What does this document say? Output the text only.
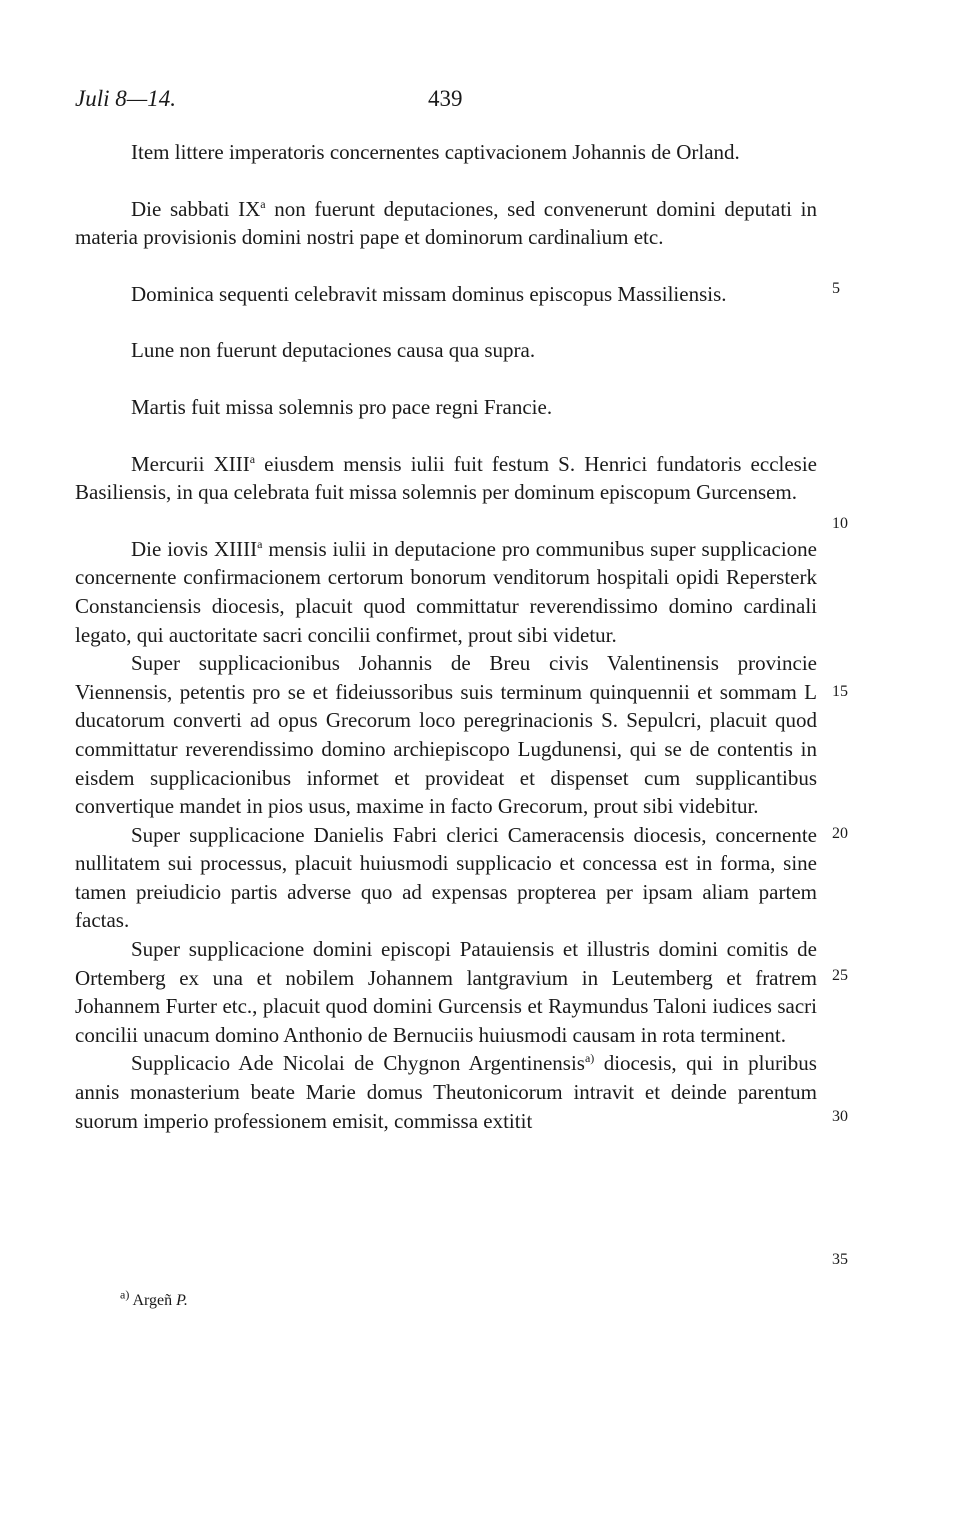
Juli 8—14.	439

Item littere imperatoris concernentes captivacionem Johannis de Orland.

Die sabbati $IX^a$ non fuerunt deputaciones, sed convenerunt domini deputati in materia provisionis domini nostri pape et dominorum cardinalium etc.

Dominica sequenti celebravit missam dominus episcopus Massiliensis.

Lune non fuerunt deputaciones causa qua supra.

Martis fuit missa solemnis pro pace regni Francie.

Mercurii XIII$^a$ eiusdem mensis iulii fuit festum S. Henrici fundatoris ecclesie Basiliensis, in qua celebrata fuit missa solemnis per dominum episcopum Gurcensem.

Die iovis XIIII$^a$ mensis iulii in deputacione pro communibus super supplicacione concernente confirmacionem certorum bonorum venditorum hospitali opidi Repersterk Constanciensis diocesis, placuit quod committatur reverendissimo domino cardinali legato, qui auctoritate sacri concilii confirmet, prout sibi videtur.

Super supplicacionibus Johannis de Breu civis Valentinensis provincie Viennensis, petentis pro se et fideiussoribus suis terminum quinquennii et sommam L ducatorum converti ad opus Grecorum loco peregrinacionis S. Sepulcri, placuit quod committatur reverendissimo domino archiepiscopo Lugdunensi, qui se de contentis in eisdem supplicacionibus informet et provideat et dispenset cum supplicantibus convertique mandet in pios usus, maxime in facto Grecorum, prout sibi videbitur.

Super supplicacione Danielis Fabri clerici Cameracensis diocesis, concernente nullitatem sui processus, placuit huiusmodi supplicacio et concessa est in forma, sine tamen preiudicio partis adverse quo ad expensas propterea per ipsam aliam partem factas.

Super supplicacione domini episcopi Patauiensis et illustris domini comitis de Ortemberg ex una et nobilem Johannem lantgravium in Leutemberg et fratrem Johannem Furter etc., placuit quod domini Gurcensis et Raymundus Taloni iudices sacri concilii unacum domino Anthonio de Bernuciis huiusmodi causam in rota terminent.

Supplicacio Ade Nicolai de Chygnon Argentinensis$^{a)}$ diocesis, qui in pluribus annis monasterium beate Marie domus Theutonicorum intravit et deinde parentum suorum imperio professionem emisit, commissa extitit

5
10
15
20
25
30
35
$^{a)}$ Argeñ P.
